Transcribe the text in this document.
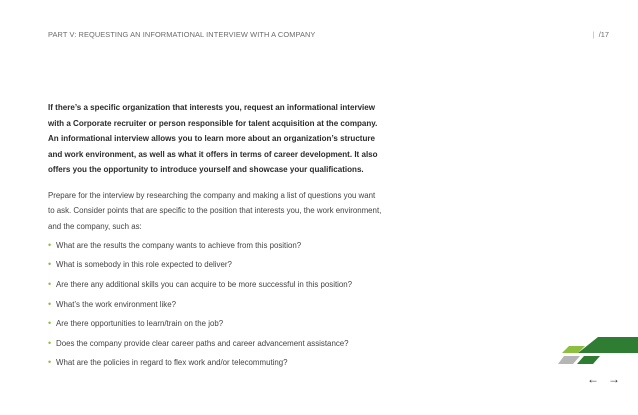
PART V: REQUESTING AN INFORMATIONAL INTERVIEW WITH A COMPANY	| /17

If there’s a specific organization that interests you, request an informational interview with a Corporate recruiter or person responsible for talent acquisition at the company. An informational interview allows you to learn more about an organization’s structure and work environment, as well as what it offers in terms of career development. It also offers you the opportunity to introduce yourself and showcase your qualifications.

Prepare for the interview by researching the company and making a list of questions you want to ask. Consider points that are specific to the position that interests you, the work environment, and the company, such as:

• What are the results the company wants to achieve from this position?
• What is somebody in this role expected to deliver?
• Are there any additional skills you can acquire to be more successful in this position?
• What’s the work environment like?
• Are there opportunities to learn/train on the job?
• Does the company provide clear career paths and career advancement assistance?
• What are the policies in regard to flex work and/or telecommuting?
← →
